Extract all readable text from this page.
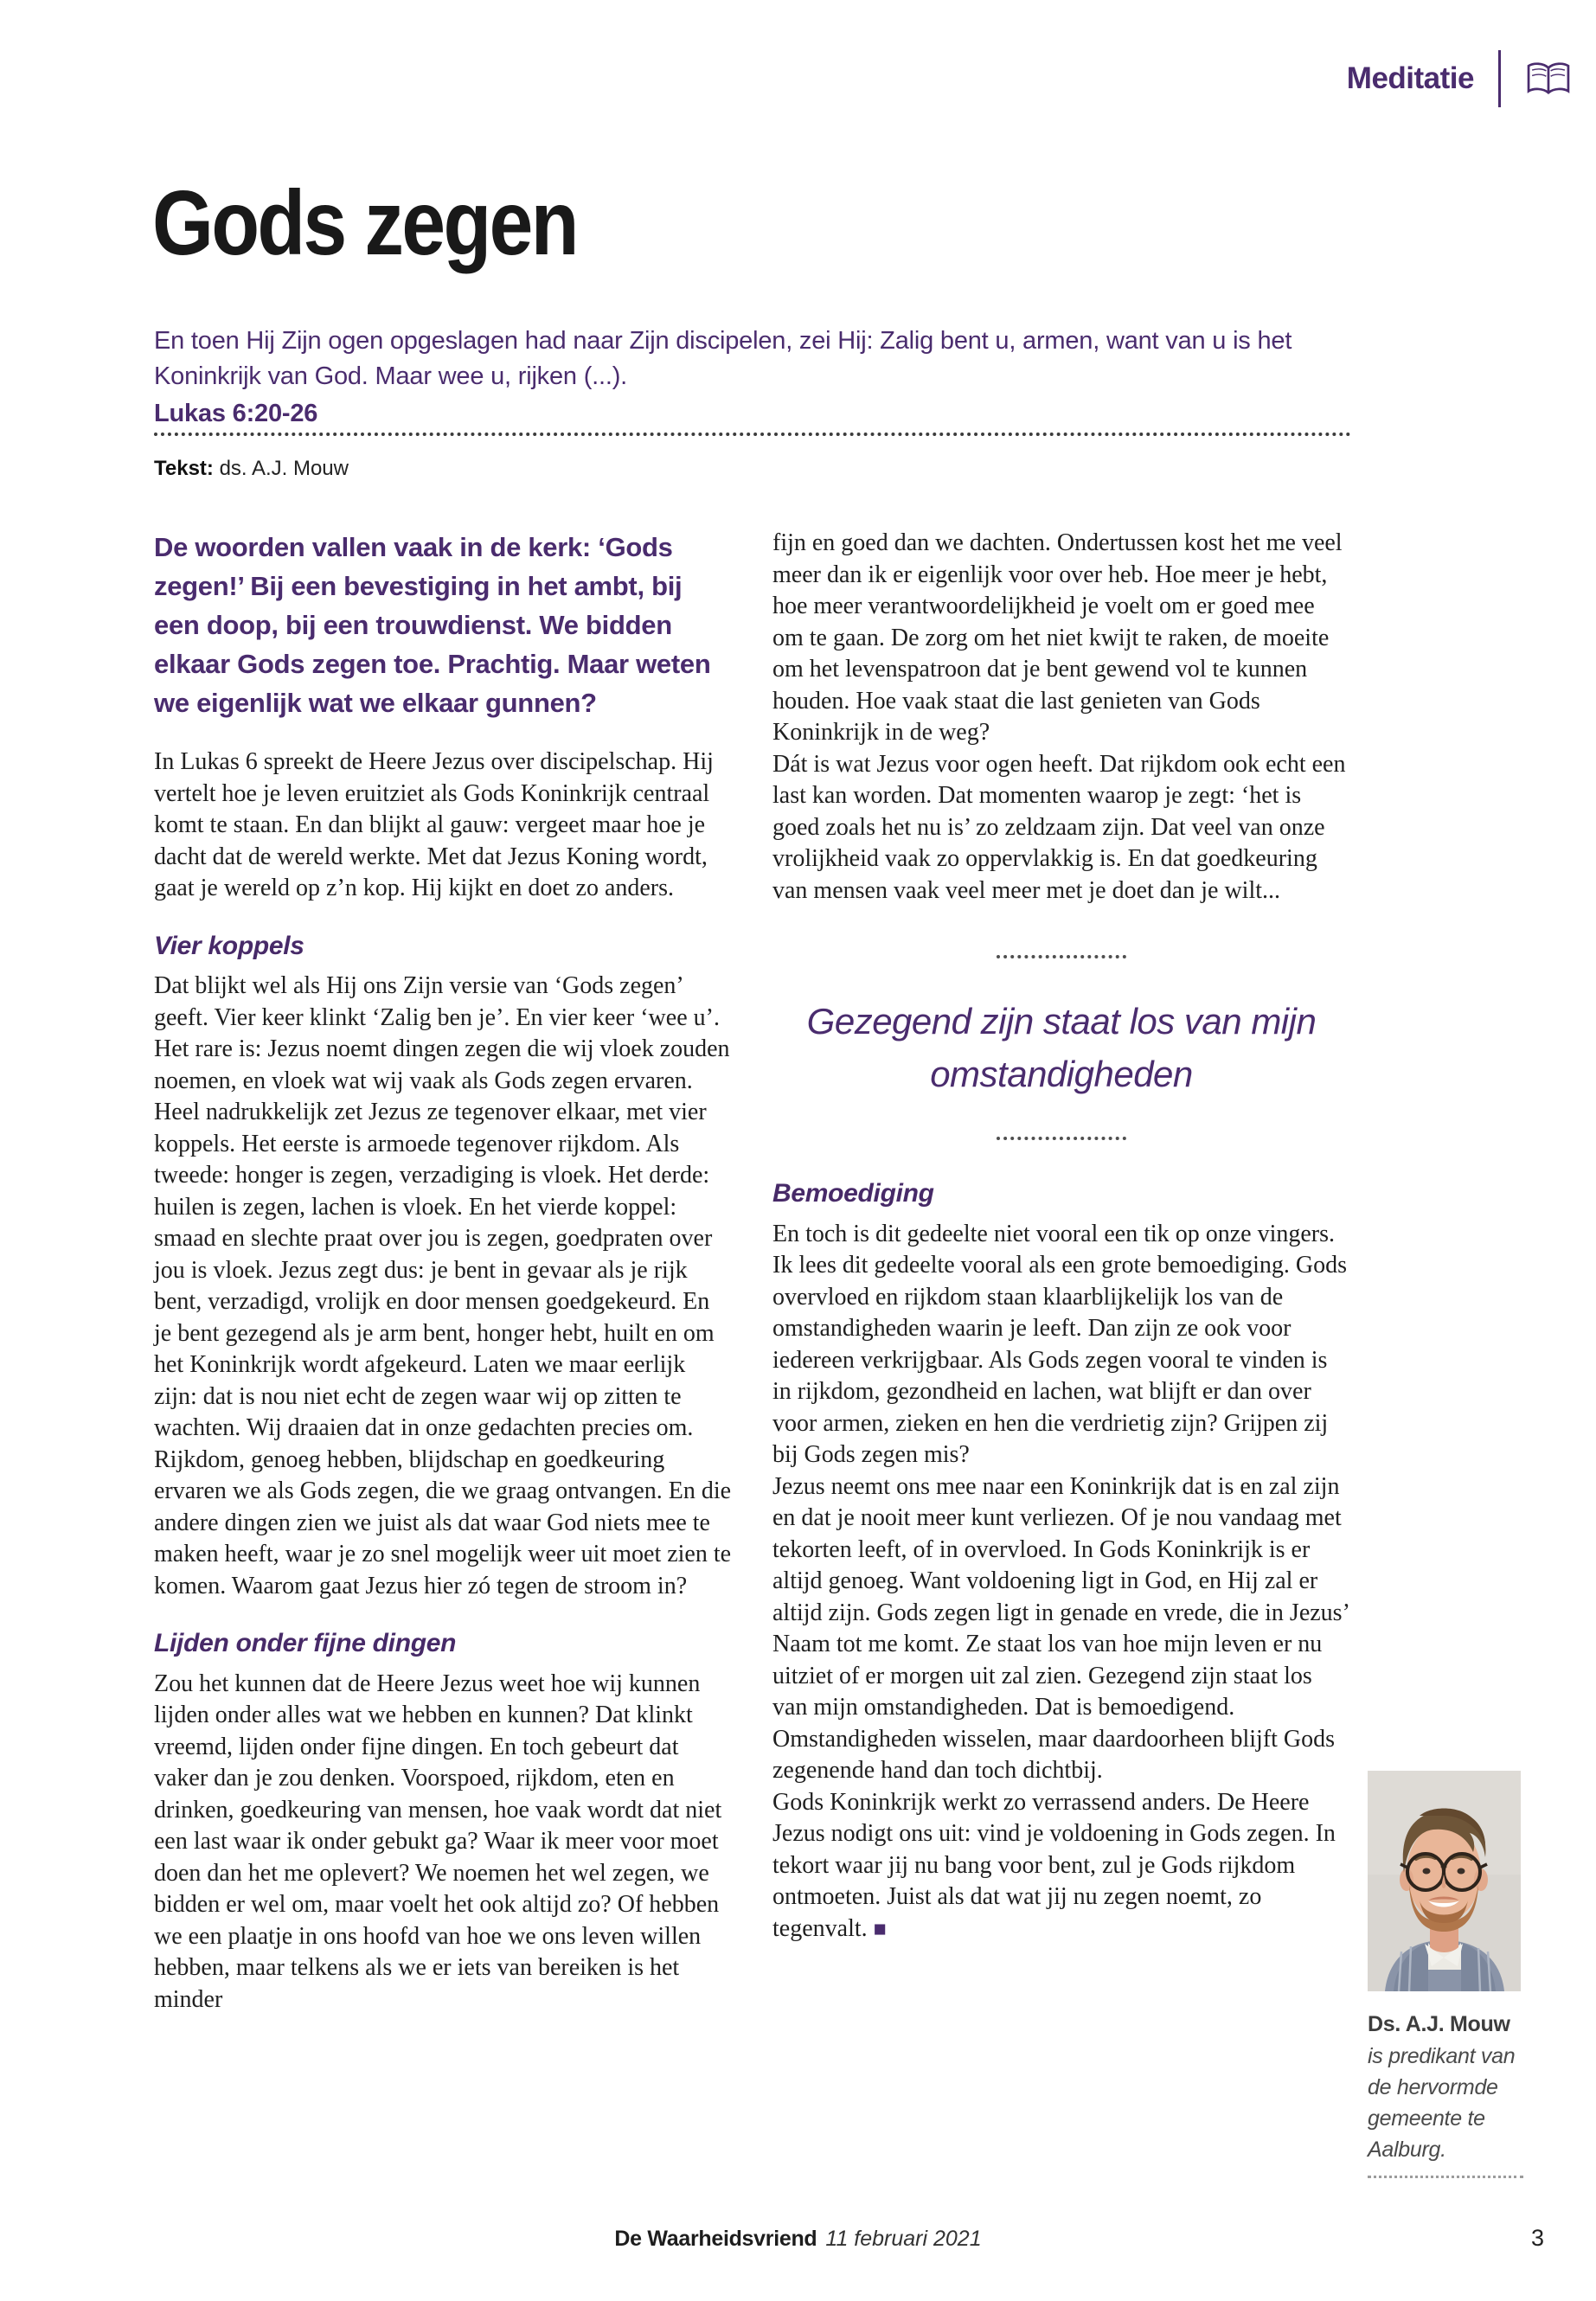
Meditatie
Gods zegen
En toen Hij Zijn ogen opgeslagen had naar Zijn discipelen, zei Hij: Zalig bent u, armen, want van u is het Koninkrijk van God. Maar wee u, rijken (...).
Lukas 6:20-26
Tekst: ds. A.J. Mouw
De woorden vallen vaak in de kerk: ‘Gods zegen!’ Bij een bevestiging in het ambt, bij een doop, bij een trouwdienst. We bidden elkaar Gods zegen toe. Prachtig. Maar weten we eigenlijk wat we elkaar gunnen?

In Lukas 6 spreekt de Heere Jezus over discipelschap. Hij vertelt hoe je leven eruitziet als Gods Koninkrijk centraal komt te staan. En dan blijkt al gauw: vergeet maar hoe je dacht dat de wereld werkte. Met dat Jezus Koning wordt, gaat je wereld op z’n kop. Hij kijkt en doet zo anders.

Vier koppels

Dat blijkt wel als Hij ons Zijn versie van ‘Gods zegen’ geeft. Vier keer klinkt ‘Zalig ben je’. En vier keer ‘wee u’. Het rare is: Jezus noemt dingen zegen die wij vloek zouden noemen, en vloek wat wij vaak als Gods zegen ervaren. Heel nadrukkelijk zet Jezus ze tegenover elkaar, met vier koppels. Het eerste is armoede tegenover rijkdom. Als tweede: honger is zegen, verzadiging is vloek. Het derde: huilen is zegen, lachen is vloek. En het vierde koppel: smaad en slechte praat over jou is zegen, goedpraten over jou is vloek. Jezus zegt dus: je bent in gevaar als je rijk bent, verzadigd, vrolijk en door mensen goedgekeurd. En je bent gezegend als je arm bent, honger hebt, huilt en om het Koninkrijk wordt afgekeurd. Laten we maar eerlijk zijn: dat is nou niet echt de zegen waar wij op zitten te wachten. Wij draaien dat in onze gedachten precies om. Rijkdom, genoeg hebben, blijdschap en goedkeuring ervaren we als Gods zegen, die we graag ontvangen. En die andere dingen zien we juist als dat waar God niets mee te maken heeft, waar je zo snel mogelijk weer uit moet zien te komen. Waarom gaat Jezus hier zó tegen de stroom in?

Lijden onder fijne dingen

Zou het kunnen dat de Heere Jezus weet hoe wij kunnen lijden onder alles wat we hebben en kunnen? Dat klinkt vreemd, lijden onder fijne dingen. En toch gebeurt dat vaker dan je zou denken. Voorspoed, rijkdom, eten en drinken, goedkeuring van mensen, hoe vaak wordt dat niet een last waar ik onder gebukt ga? Waar ik meer voor moet doen dan het me oplevert? We noemen het wel zegen, we bidden er wel om, maar voelt het ook altijd zo? Of hebben we een plaatje in ons hoofd van hoe we ons leven willen hebben, maar telkens als we er iets van bereiken is het minder

fijn en goed dan we dachten. Ondertussen kost het me veel meer dan ik er eigenlijk voor over heb. Hoe meer je hebt, hoe meer verantwoordelijkheid je voelt om er goed mee om te gaan. De zorg om het niet kwijt te raken, de moeite om het levenspatroon dat je bent gewend vol te kunnen houden. Hoe vaak staat die last genieten van Gods Koninkrijk in de weg?

Dát is wat Jezus voor ogen heeft. Dat rijkdom ook echt een last kan worden. Dat momenten waarop je zegt: ‘het is goed zoals het nu is’ zo zeldzaam zijn. Dat veel van onze vrolijkheid vaak zo oppervlakkig is. En dat goedkeuring van mensen vaak veel meer met je doet dan je wilt...

Gezegend zijn staat los van mijn omstandigheden
Bemoediging

En toch is dit gedeelte niet vooral een tik op onze vingers. Ik lees dit gedeelte vooral als een grote bemoediging. Gods overvloed en rijkdom staan klaarblijkelijk los van de omstandigheden waarin je leeft. Dan zijn ze ook voor iedereen verkrijgbaar. Als Gods zegen vooral te vinden is in rijkdom, gezondheid en lachen, wat blijft er dan over voor armen, zieken en hen die verdrietig zijn? Grijpen zij bij Gods zegen mis?

Jezus neemt ons mee naar een Koninkrijk dat is en zal zijn en dat je nooit meer kunt verliezen. Of je nou vandaag met tekorten leeft, of in overvloed. In Gods Koninkrijk is er altijd genoeg. Want voldoening ligt in God, en Hij zal er altijd zijn. Gods zegen ligt in genade en vrede, die in Jezus’ Naam tot me komt. Ze staat los van hoe mijn leven er nu uitziet of er morgen uit zal zien. Gezegend zijn staat los van mijn omstandigheden. Dat is bemoedigend. Omstandigheden wisselen, maar daardoorheen blijft Gods zegenende hand dan toch dichtbij.

Gods Koninkrijk werkt zo verrassend anders. De Heere Jezus nodigt ons uit: vind je voldoening in Gods zegen. In tekort waar jij nu bang voor bent, zul je Gods rijkdom ontmoeten. Juist als dat wat jij nu zegen noemt, zo tegenvalt. ■

Ds. A.J. Mouw
is predikant van de hervormde gemeente te Aalburg.
De Waarheidsvriend 11 februari 2021	3
